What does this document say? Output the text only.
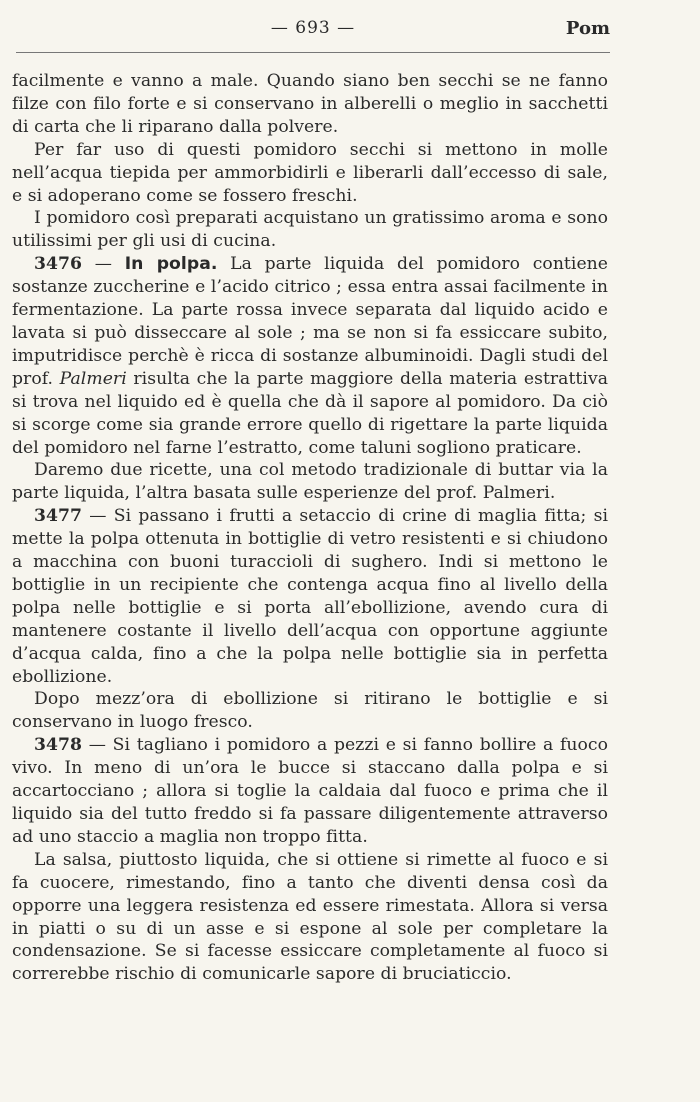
— 693 —	Pom

facilmente e vanno a male. Quando siano ben secchi se ne fanno filze con filo forte e si conservano in alberelli o meglio in sacchetti di carta che li riparano dalla polvere.

Per far uso di questi pomidoro secchi si mettono in molle nell’acqua tiepida per ammorbidirli e liberarli dall’eccesso di sale, e si adoperano come se fossero freschi.

I pomidoro così preparati acquistano un gratissimo aroma e sono utilissimi per gli usi di cucina.

3476 — In polpa. La parte liquida del pomidoro contiene sostanze zuccherine e l’acido citrico ; essa entra assai facilmente in fermentazione. La parte rossa invece separata dal liquido acido e lavata si può disseccare al sole ; ma se non si fa essiccare subito, imputridisce perchè è ricca di sostanze albuminoidi. Dagli studi del prof. Palmeri risulta che la parte maggiore della materia estrattiva si trova nel liquido ed è quella che dà il sapore al pomidoro. Da ciò si scorge come sia grande errore quello di rigettare la parte liquida del pomidoro nel farne l’estratto, come taluni sogliono praticare.

Daremo due ricette, una col metodo tradizionale di buttar via la parte liquida, l’altra basata sulle esperienze del prof. Palmeri.

3477 — Si passano i frutti a setaccio di crine di maglia fitta; si mette la polpa ottenuta in bottiglie di vetro resistenti e si chiudono a macchina con buoni turaccioli di sughero. Indi si mettono le bottiglie in un recipiente che contenga acqua fino al livello della polpa nelle bottiglie e si porta all’ebollizione, avendo cura di mantenere costante il livello dell’acqua con opportune aggiunte d’acqua calda, fino a che la polpa nelle bottiglie sia in perfetta ebollizione.

Dopo mezz’ora di ebollizione si ritirano le bottiglie e si conservano in luogo fresco.

3478 — Si tagliano i pomidoro a pezzi e si fanno bollire a fuoco vivo. In meno di un’ora le bucce si staccano dalla polpa e si accartocciano ; allora si toglie la caldaia dal fuoco e prima che il liquido sia del tutto freddo si fa passare diligentemente attraverso ad uno staccio a maglia non troppo fitta.

La salsa, piuttosto liquida, che si ottiene si rimette al fuoco e si fa cuocere, rimestando, fino a tanto che diventi densa così da opporre una leggera resistenza ed essere rimestata. Allora si versa in piatti o su di un asse e si espone al sole per completare la condensazione. Se si facesse essiccare completamente al fuoco si correrebbe rischio di comunicarle sapore di bruciaticcio.
